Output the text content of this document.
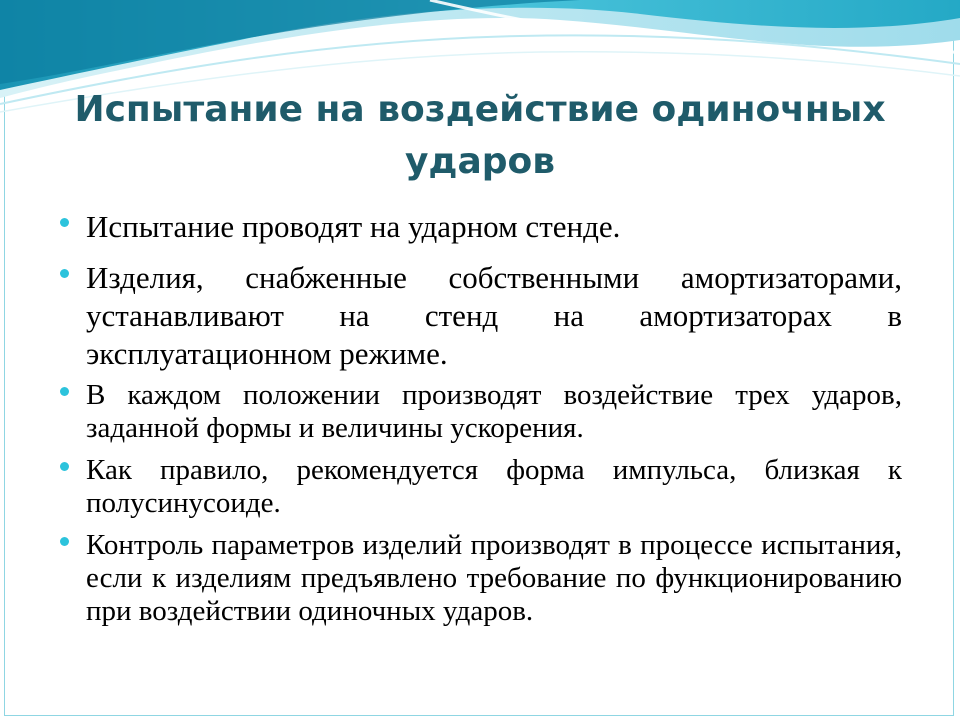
Испытание на воздействие одиночных ударов
Испытание проводят на ударном стенде.
Изделия, снабженные собственными амортизаторами, устанавливают на стенд на амортизаторах в эксплуатационном режиме.
В каждом положении производят воздействие трех ударов, заданной формы и величины ускорения.
Как правило, рекомендуется форма импульса, близкая к полусинусоиде.
Контроль параметров изделий производят в процессе испытания, если к изделиям предъявлено требование по функционированию при воздействии одиночных ударов.
